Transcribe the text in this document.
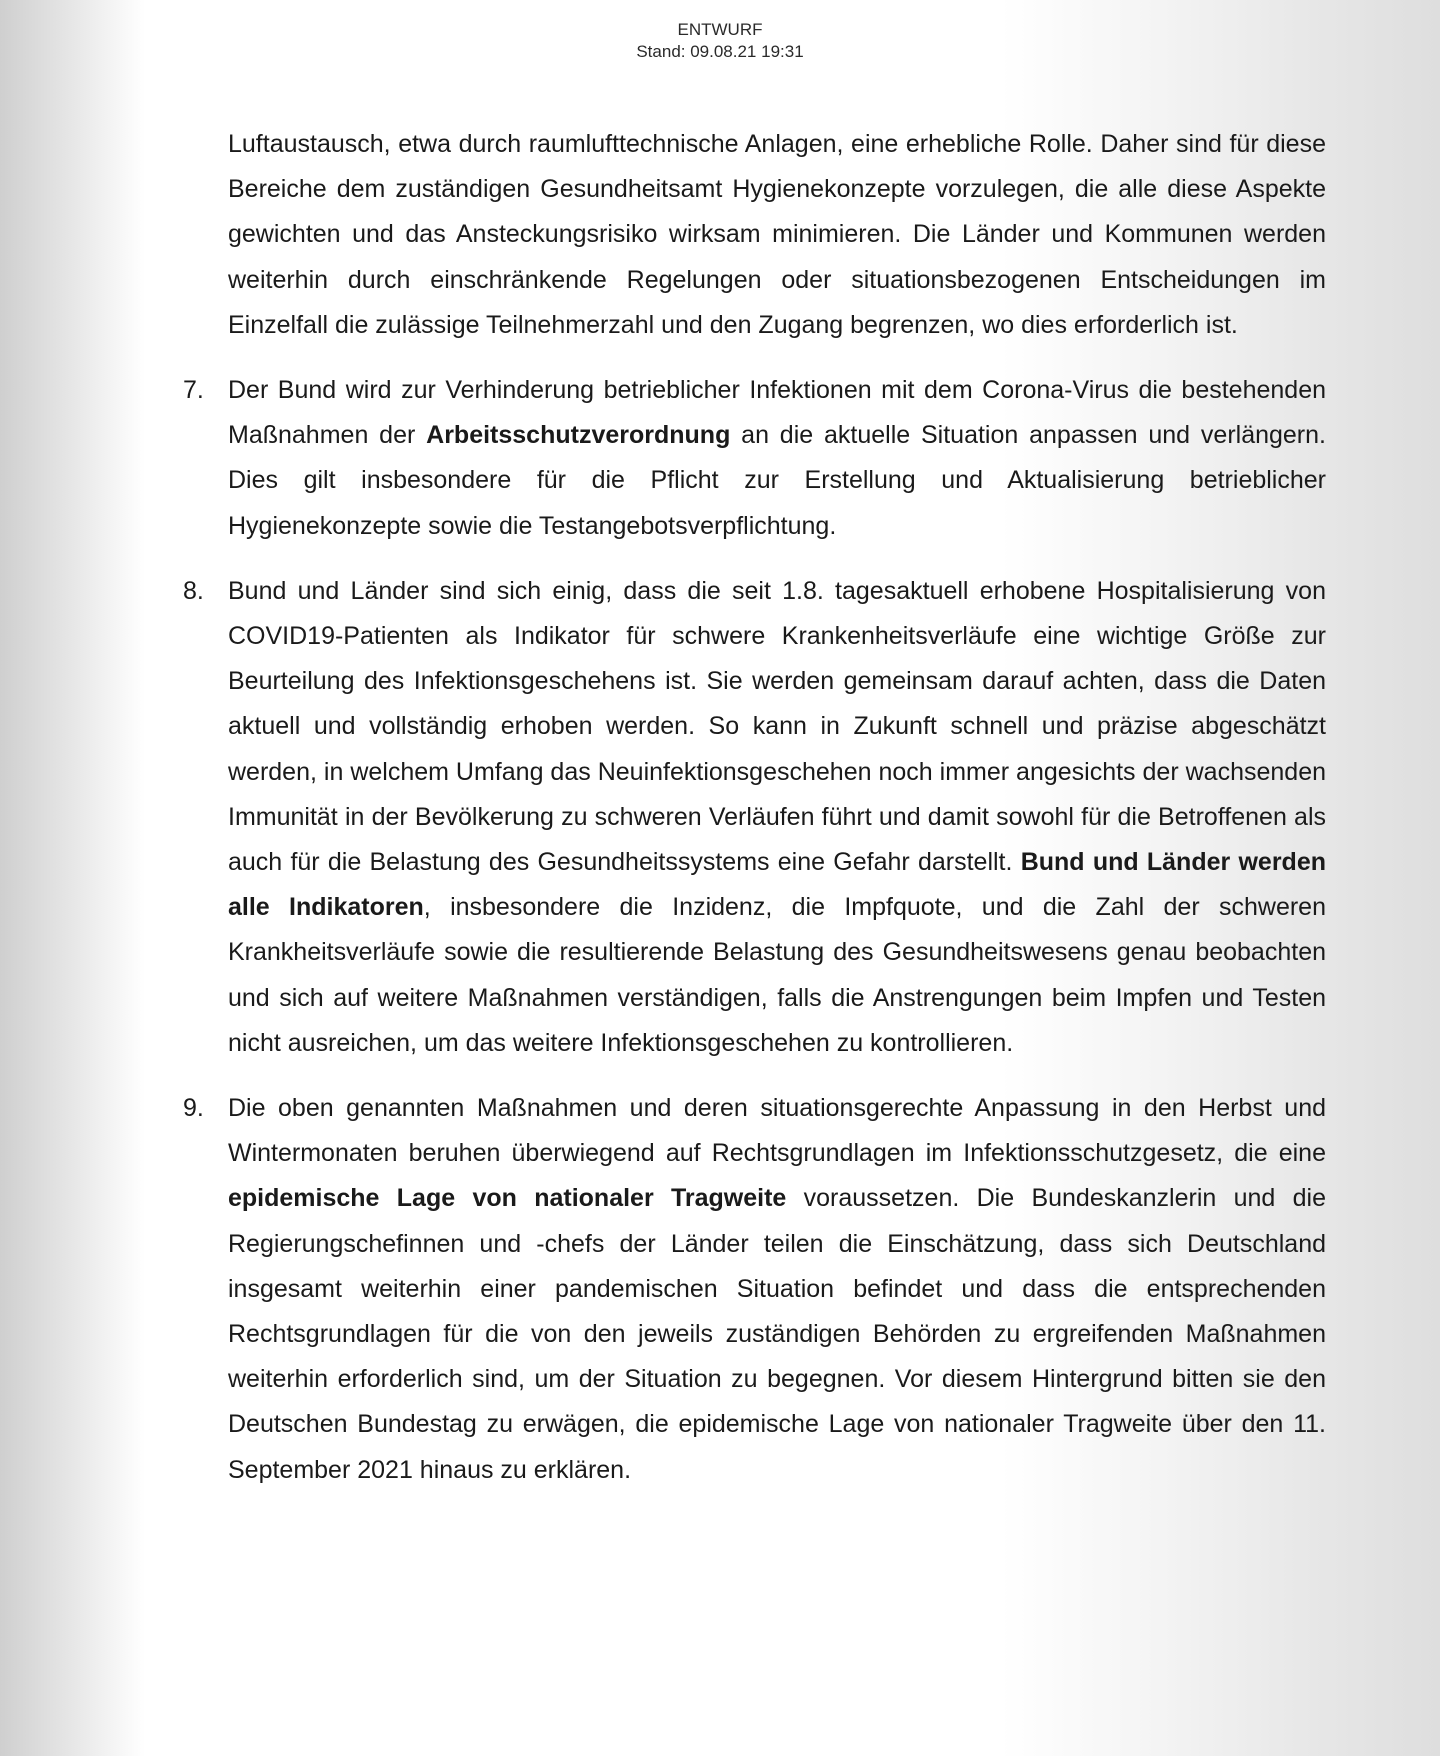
ENTWURF
Stand: 09.08.21 19:31

Luftaustausch, etwa durch raumlufttechnische Anlagen, eine erhebliche Rolle. Daher sind für diese Bereiche dem zuständigen Gesundheitsamt Hygienekonzepte vorzulegen, die alle diese Aspekte gewichten und das Ansteckungsrisiko wirksam minimieren. Die Länder und Kommunen werden weiterhin durch einschränkende Regelungen oder situationsbezogenen Entscheidungen im Einzelfall die zulässige Teilnehmerzahl und den Zugang begrenzen, wo dies erforderlich ist.

7. Der Bund wird zur Verhinderung betrieblicher Infektionen mit dem Corona-Virus die bestehenden Maßnahmen der Arbeitsschutzverordnung an die aktuelle Situation anpassen und verlängern. Dies gilt insbesondere für die Pflicht zur Erstellung und Aktualisierung betrieblicher Hygienekonzepte sowie die Testangebotsverpflichtung.

8. Bund und Länder sind sich einig, dass die seit 1.8. tagesaktuell erhobene Hospitalisierung von COVID19-Patienten als Indikator für schwere Krankenheitsverläufe eine wichtige Größe zur Beurteilung des Infektionsgeschehens ist. Sie werden gemeinsam darauf achten, dass die Daten aktuell und vollständig erhoben werden. So kann in Zukunft schnell und präzise abgeschätzt werden, in welchem Umfang das Neuinfektionsgeschehen noch immer angesichts der wachsenden Immunität in der Bevölkerung zu schweren Verläufen führt und damit sowohl für die Betroffenen als auch für die Belastung des Gesundheitssystems eine Gefahr darstellt. Bund und Länder werden alle Indikatoren, insbesondere die Inzidenz, die Impfquote, und die Zahl der schweren Krankheitsverläufe sowie die resultierende Belastung des Gesundheitswesens genau beobachten und sich auf weitere Maßnahmen verständigen, falls die Anstrengungen beim Impfen und Testen nicht ausreichen, um das weitere Infektionsgeschehen zu kontrollieren.

9. Die oben genannten Maßnahmen und deren situationsgerechte Anpassung in den Herbst und Wintermonaten beruhen überwiegend auf Rechtsgrundlagen im Infektionsschutzgesetz, die eine epidemische Lage von nationaler Tragweite voraussetzen. Die Bundeskanzlerin und die Regierungschefinnen und -chefs der Länder teilen die Einschätzung, dass sich Deutschland insgesamt weiterhin einer pandemischen Situation befindet und dass die entsprechenden Rechtsgrundlagen für die von den jeweils zuständigen Behörden zu ergreifenden Maßnahmen weiterhin erforderlich sind, um der Situation zu begegnen. Vor diesem Hintergrund bitten sie den Deutschen Bundestag zu erwägen, die epidemische Lage von nationaler Tragweite über den 11. September 2021 hinaus zu erklären.
